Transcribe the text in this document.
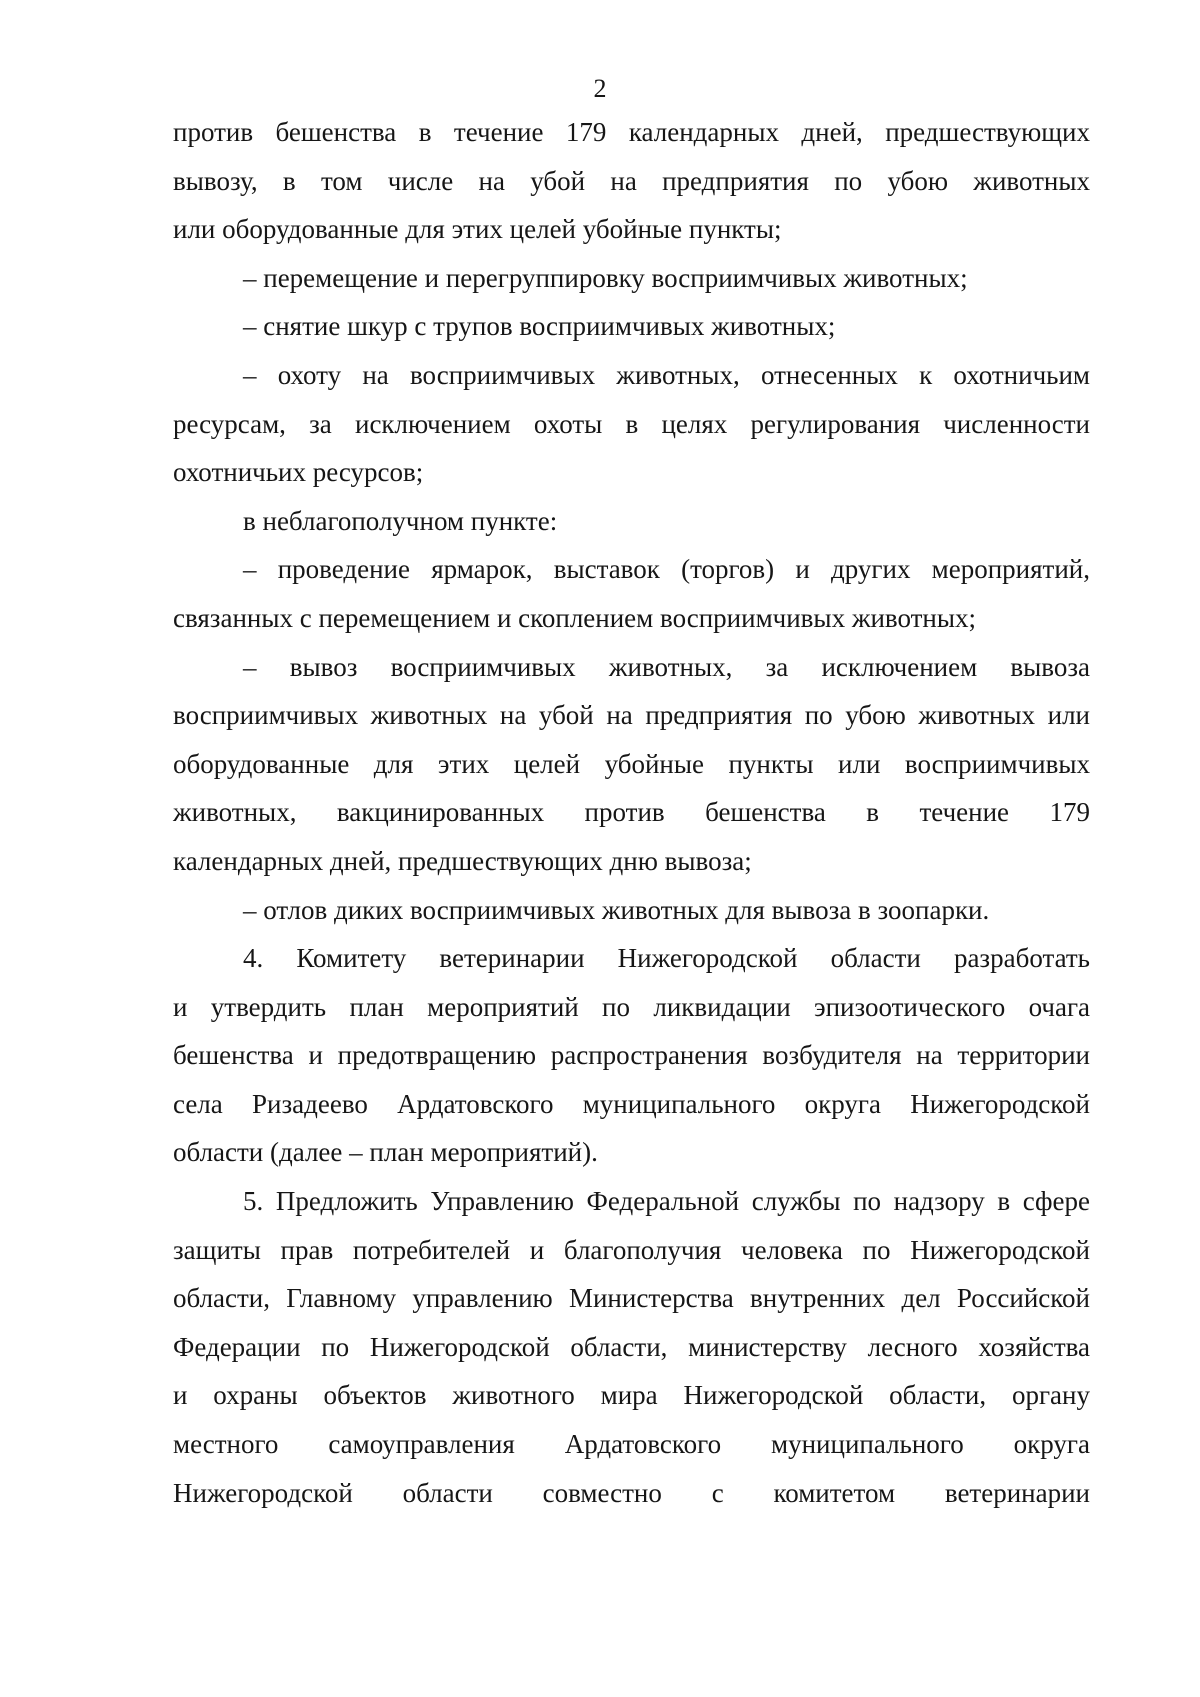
2
против бешенства в течение 179 календарных дней, предшествующих
вывозу, в том числе на убой на предприятия по убою животных
или оборудованные для этих целей убойные пункты;
– перемещение и перегруппировку восприимчивых животных;
– снятие шкур с трупов восприимчивых животных;
– охоту на восприимчивых животных, отнесенных к охотничьим
ресурсам, за исключением охоты в целях регулирования численности
охотничьих ресурсов;
в неблагополучном пункте:
– проведение ярмарок, выставок (торгов) и других мероприятий,
связанных с перемещением и скоплением восприимчивых животных;
– вывоз восприимчивых животных, за исключением вывоза
восприимчивых животных на убой на предприятия по убою животных или
оборудованные для этих целей убойные пункты или восприимчивых
животных, вакцинированных против бешенства в течение 179
календарных дней, предшествующих дню вывоза;
– отлов диких восприимчивых животных для вывоза в зоопарки.
4. Комитету ветеринарии Нижегородской области разработать
и утвердить план мероприятий по ликвидации эпизоотического очага
бешенства и предотвращению распространения возбудителя на территории
села Ризадеево Ардатовского муниципального округа Нижегородской
области (далее – план мероприятий).
5. Предложить Управлению Федеральной службы по надзору в сфере
защиты прав потребителей и благополучия человека по Нижегородской
области, Главному управлению Министерства внутренних дел Российской
Федерации по Нижегородской области, министерству лесного хозяйства
и охраны объектов животного мира Нижегородской области, органу
местного самоуправления Ардатовского муниципального округа
Нижегородской области совместно с комитетом ветеринарии
